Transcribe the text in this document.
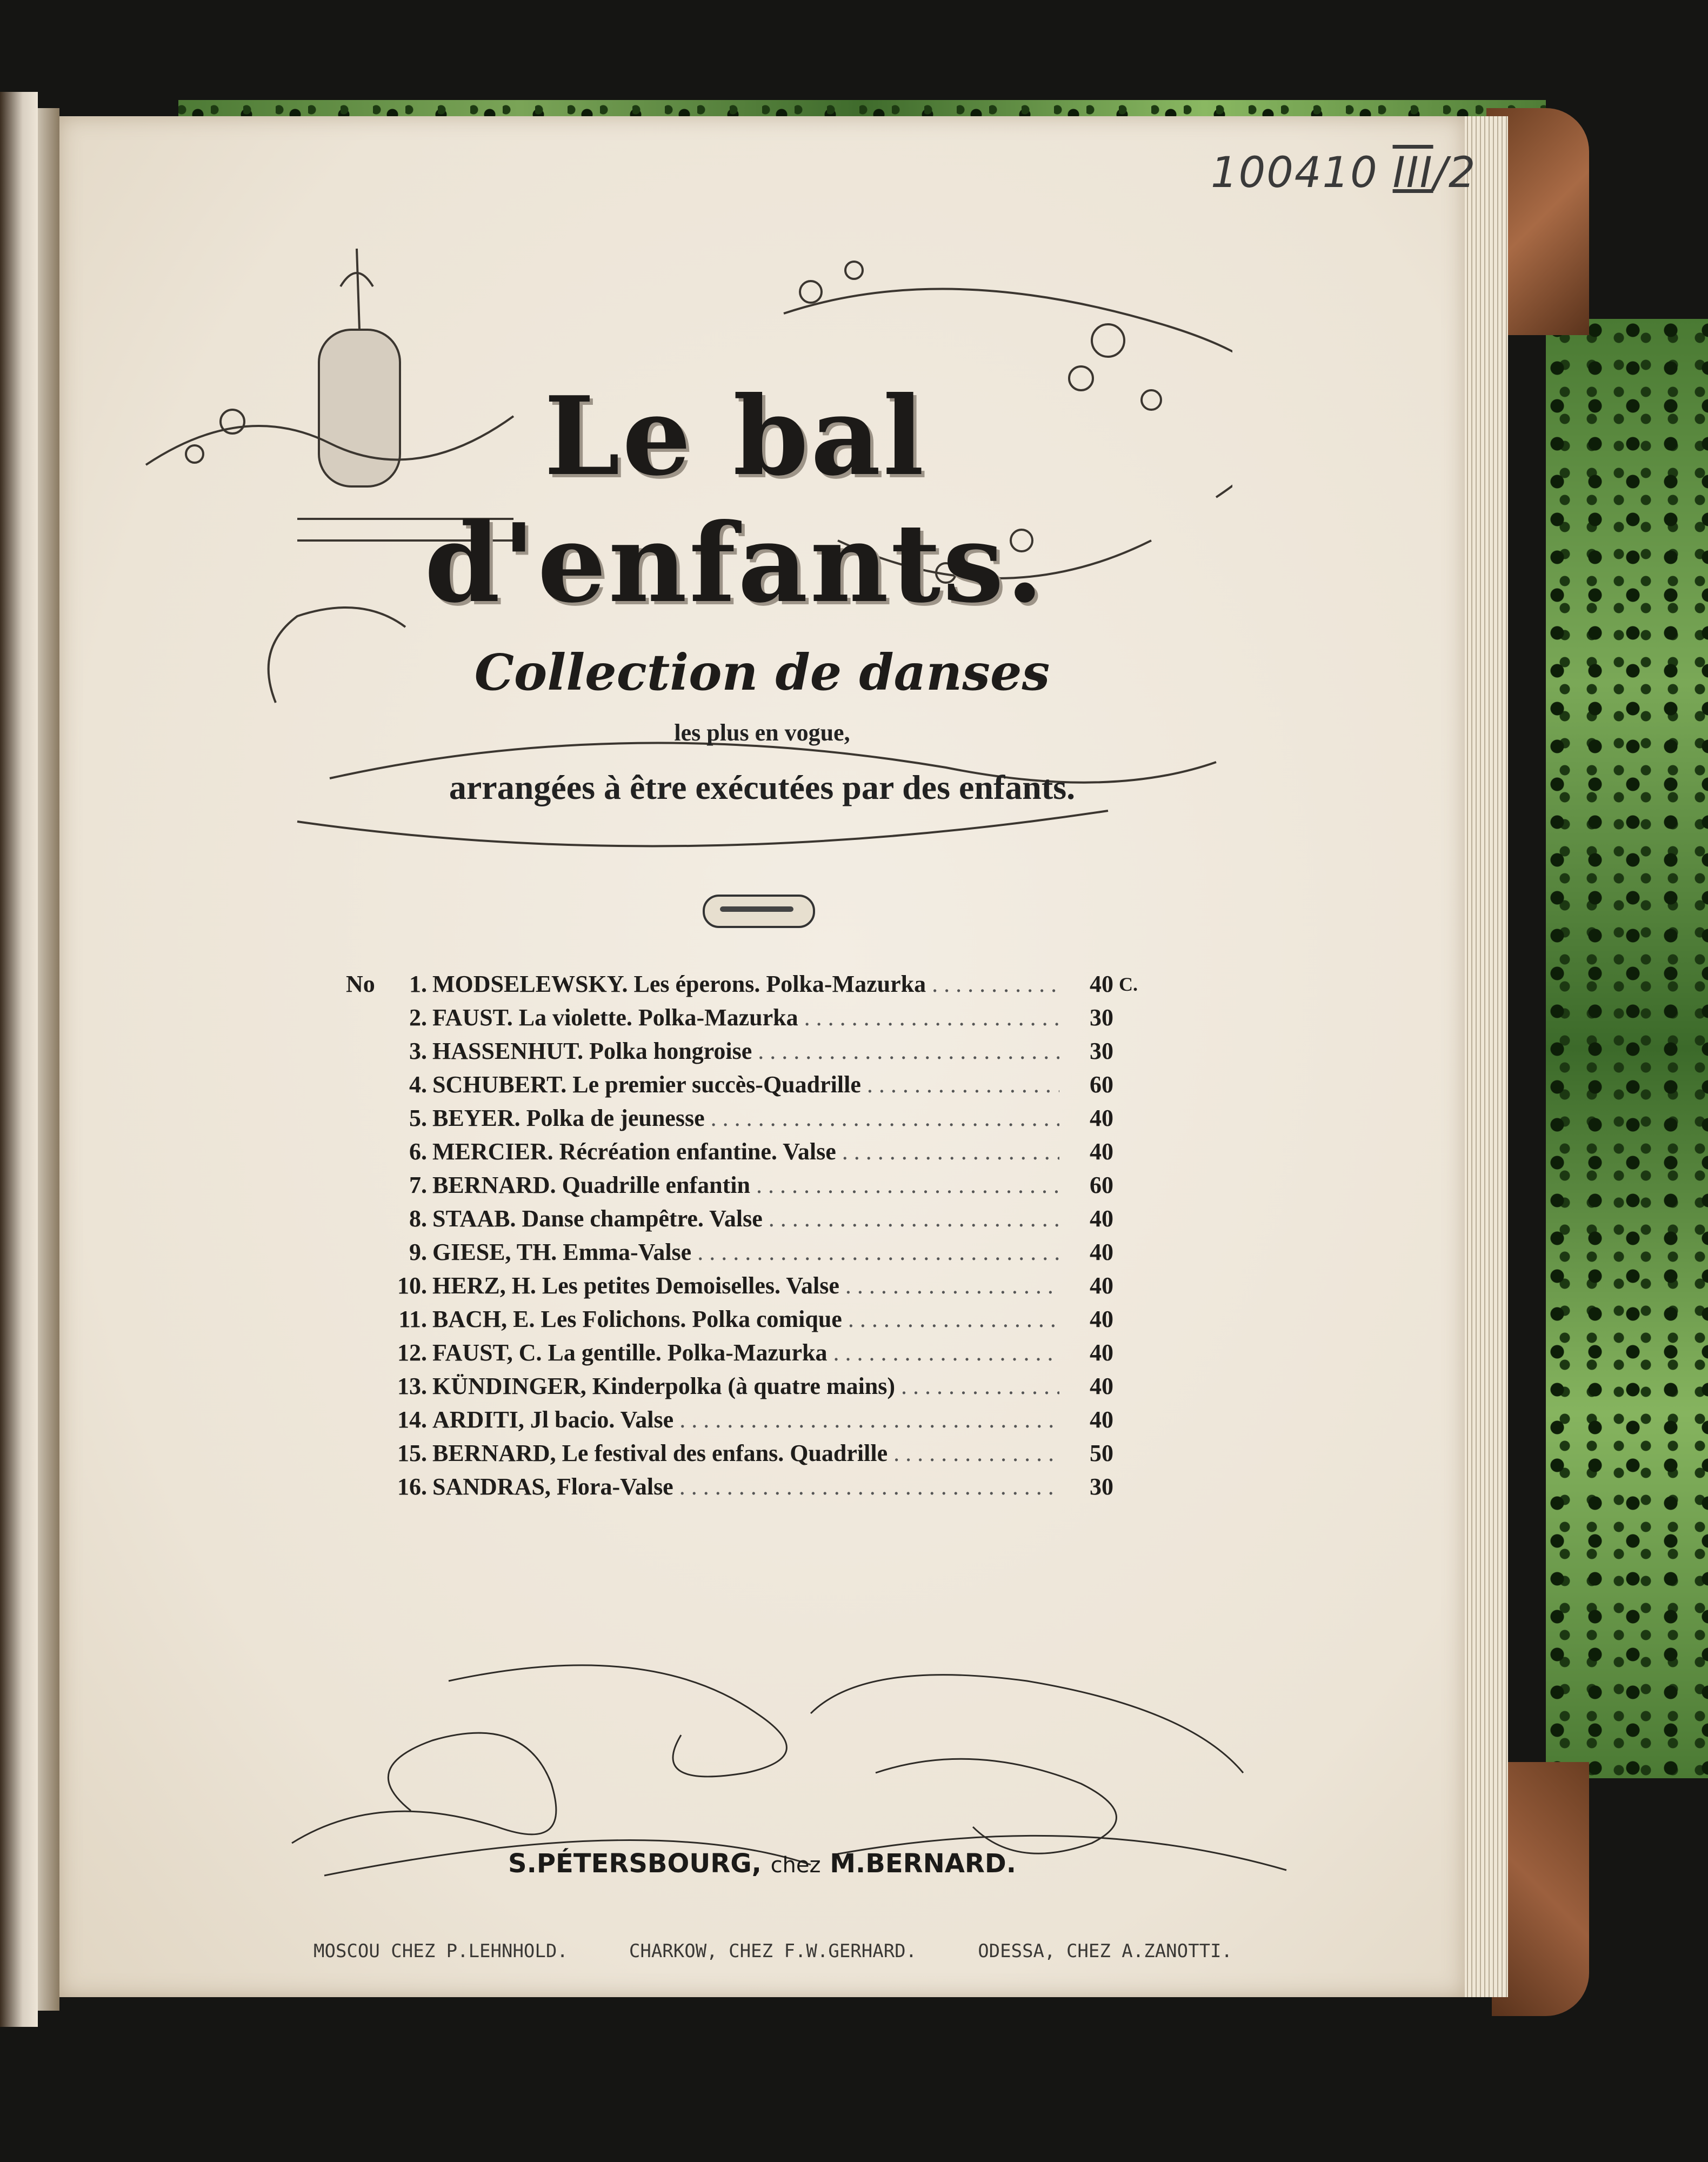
100410 III/2
Le bal d'enfants.
Collection de danses
les plus en vogue,
arrangées à être exécutées par des enfants.
No	1. MODSELEWSKY. Les éperons. Polka-Mazurka . . .	40 C.
2. FAUST. La violette. Polka-Mazurka . . .	30
3. HASSENHUT. Polka hongroise . . .	30
4. SCHUBERT. Le premier succès-Quadrille . . .	60
5. BEYER. Polka de jeunesse . . .	40
6. MERCIER. Récréation enfantine. Valse . . .	40
7. BERNARD. Quadrille enfantin . . .	60
8. STAAB. Danse champêtre. Valse . . .	40
9. GIESE, TH. Emma-Valse . . .	40
10. HERZ, H. Les petites Demoiselles. Valse . . .	40
11. BACH, E. Les Folichons. Polka comique . . .	40
12. FAUST, C. La gentille. Polka-Mazurka . . .	40
13. KÜNDINGER, Kinderpolka (à quatre mains) . . .	40
14. ARDITI, Jl bacio. Valse . . .	40
15. BERNARD, Le festival des enfans. Quadrille . . .	50
16. SANDRAS, Flora-Valse . . .	30
S.PÉTERSBOURG, chez M.BERNARD.
MOSCOU CHEZ P.LEHNHOLD.	CHARKOW, CHEZ F.W.GERHARD.	ODESSA, CHEZ A.ZANOTTI.
